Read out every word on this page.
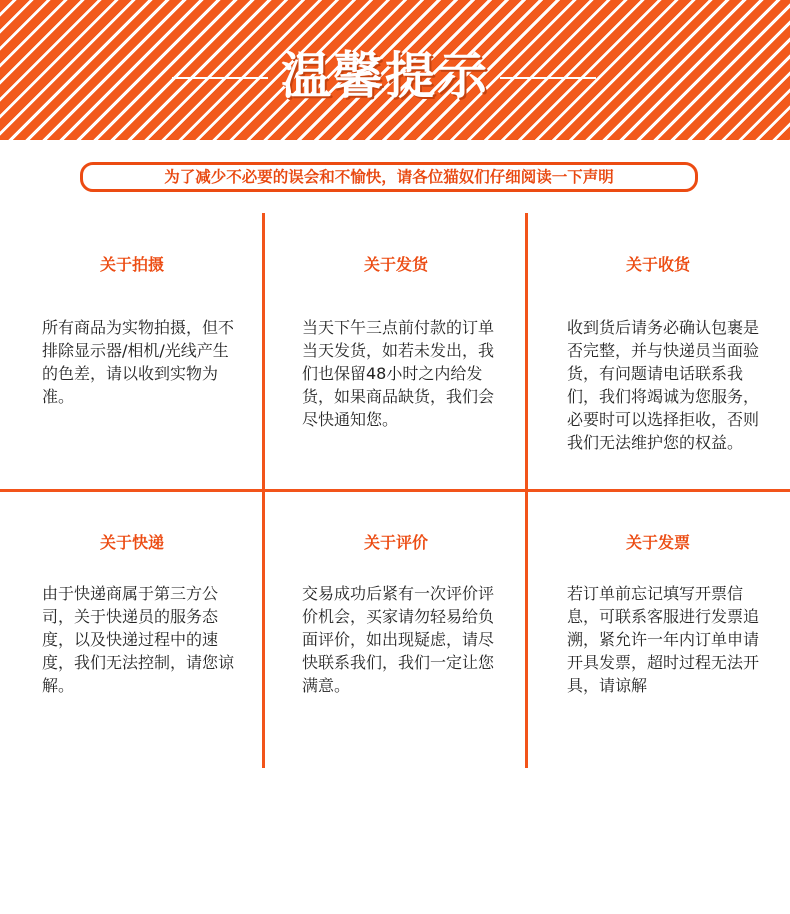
温馨提示
为了减少不必要的误会和不愉快，请各位猫奴们仔细阅读一下声明
关于拍摄
所有商品为实物拍摄，但不排除显示器/相机/光线产生的色差，请以收到实物为准。
关于发货
当天下午三点前付款的订单当天发货，如若未发出，我们也保留48小时之内给发货，如果商品缺货，我们会尽快通知您。
关于收货
收到货后请务必确认包裹是否完整，并与快递员当面验货，有问题请电话联系我们，我们将竭诚为您服务，必要时可以选择拒收，否则我们无法维护您的权益。
关于快递
由于快递商属于第三方公司，关于快递员的服务态度，以及快递过程中的速度，我们无法控制，请您谅解。
关于评价
交易成功后紧有一次评价评价机会，买家请勿轻易给负面评价，如出现疑虑，请尽快联系我们，我们一定让您满意。
关于发票
若订单前忘记填写开票信息，可联系客服进行发票追溯，紧允许一年内订单申请开具发票，超时过程无法开具，请谅解
